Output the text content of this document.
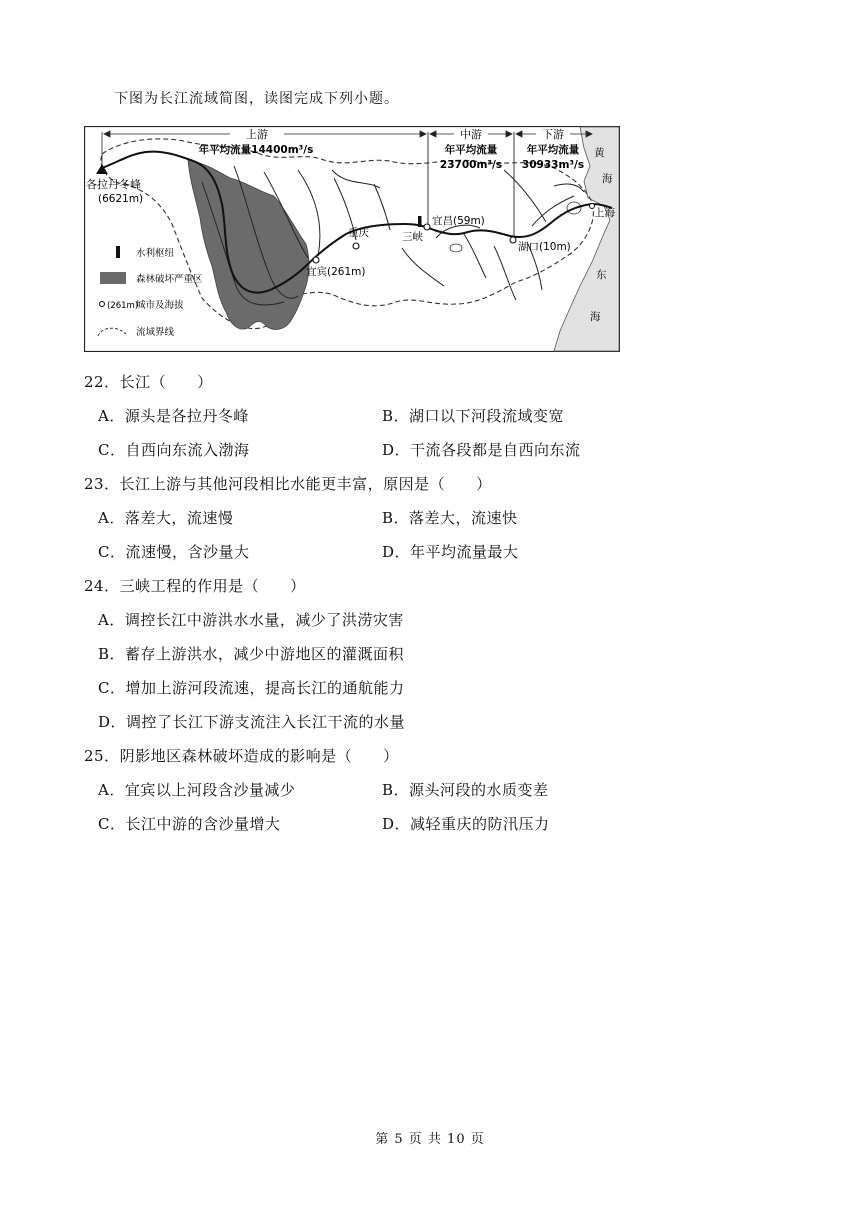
下图为长江流域简图，读图完成下列小题。
上游
年平均流量14400m³/s
中游
年平均流量
23700m³/s
下游
年平均流量
30933m³/s
各拉丹冬峰
(6621m)
宜宾(261m)
重庆	三峡
宜昌(59m)
湖口(10m)
上海
黄
海
东
海
水利枢纽
森林破坏严重区
(261m)
城市及海拔
流域界线
22．长江（　　）
A．源头是各拉丹冬峰	B．湖口以下河段流域变宽
C．自西向东流入渤海	D．干流各段都是自西向东流
23．长江上游与其他河段相比水能更丰富，原因是（　　）
A．落差大，流速慢	B．落差大，流速快
C．流速慢，含沙量大	D．年平均流量最大
24．三峡工程的作用是（　　）
A．调控长江中游洪水水量，减少了洪涝灾害
B．蓄存上游洪水，减少中游地区的灌溉面积
C．增加上游河段流速，提高长江的通航能力
D．调控了长江下游支流注入长江干流的水量
25．阴影地区森林破坏造成的影响是（　　）
A．宜宾以上河段含沙量减少	B．源头河段的水质变差
C．长江中游的含沙量增大	D．减轻重庆的防汛压力
第 5 页 共 10 页
